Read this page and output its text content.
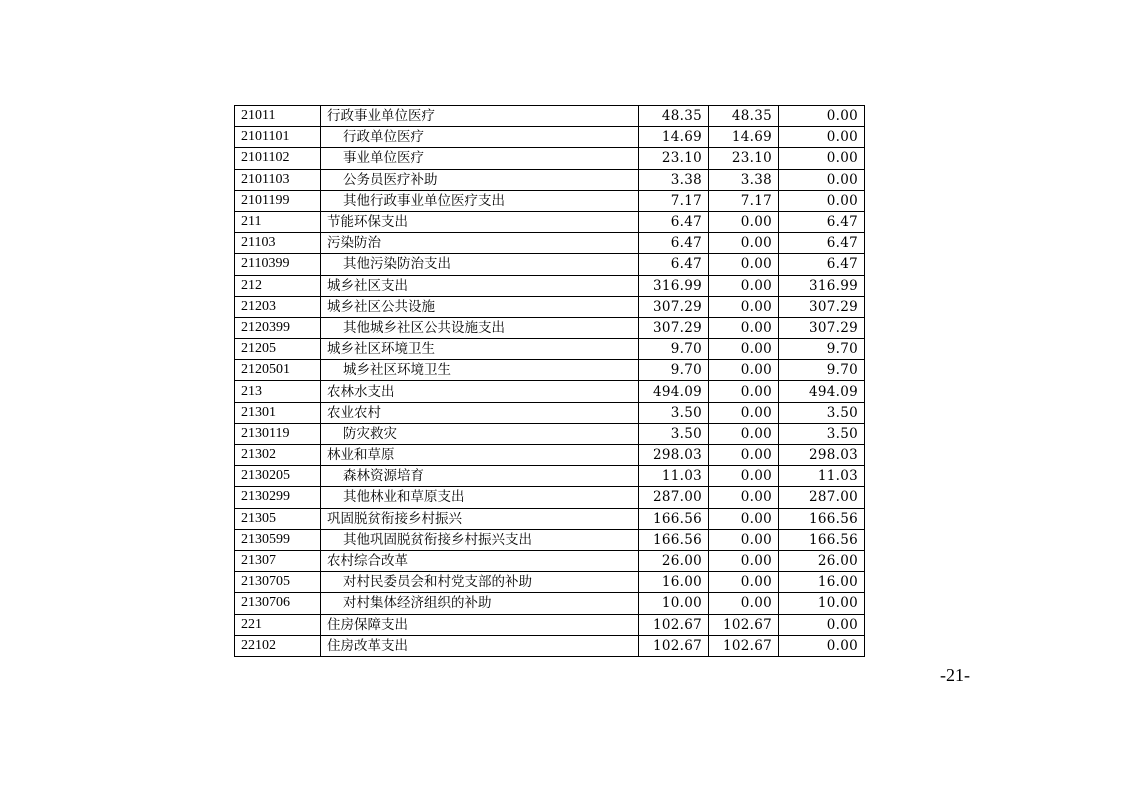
21011	行政事业单位医疗	48.35	48.35	0.00
2101101	行政单位医疗	14.69	14.69	0.00
2101102	事业单位医疗	23.10	23.10	0.00
2101103	公务员医疗补助	3.38	3.38	0.00
2101199	其他行政事业单位医疗支出	7.17	7.17	0.00
211	节能环保支出	6.47	0.00	6.47
21103	污染防治	6.47	0.00	6.47
2110399	其他污染防治支出	6.47	0.00	6.47
212	城乡社区支出	316.99	0.00	316.99
21203	城乡社区公共设施	307.29	0.00	307.29
2120399	其他城乡社区公共设施支出	307.29	0.00	307.29
21205	城乡社区环境卫生	9.70	0.00	9.70
2120501	城乡社区环境卫生	9.70	0.00	9.70
213	农林水支出	494.09	0.00	494.09
21301	农业农村	3.50	0.00	3.50
2130119	防灾救灾	3.50	0.00	3.50
21302	林业和草原	298.03	0.00	298.03
2130205	森林资源培育	11.03	0.00	11.03
2130299	其他林业和草原支出	287.00	0.00	287.00
21305	巩固脱贫衔接乡村振兴	166.56	0.00	166.56
2130599	其他巩固脱贫衔接乡村振兴支出	166.56	0.00	166.56
21307	农村综合改革	26.00	0.00	26.00
2130705	对村民委员会和村党支部的补助	16.00	0.00	16.00
2130706	对村集体经济组织的补助	10.00	0.00	10.00
221	住房保障支出	102.67	102.67	0.00
22102	住房改革支出	102.67	102.67	0.00
-21-
